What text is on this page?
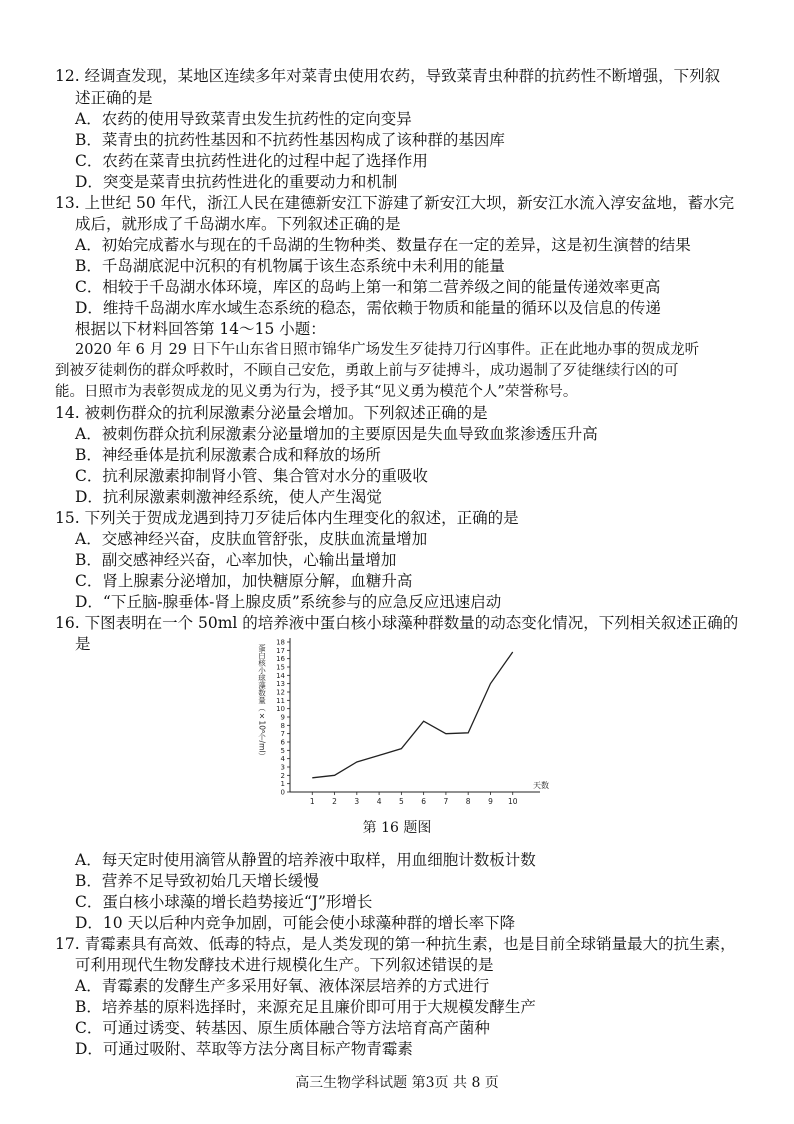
12. 经调查发现，某地区连续多年对菜青虫使用农药，导致菜青虫种群的抗药性不断增强，下列叙
述正确的是
A．农药的使用导致菜青虫发生抗药性的定向变异
B．菜青虫的抗药性基因和不抗药性基因构成了该种群的基因库
C．农药在菜青虫抗药性进化的过程中起了选择作用
D．突变是菜青虫抗药性进化的重要动力和机制
13. 上世纪 50 年代，浙江人民在建德新安江下游建了新安江大坝，新安江水流入淳安盆地，蓄水完
成后，就形成了千岛湖水库。下列叙述正确的是
A．初始完成蓄水与现在的千岛湖的生物种类、数量存在一定的差异，这是初生演替的结果
B．千岛湖底泥中沉积的有机物属于该生态系统中未利用的能量
C．相较于千岛湖水体环境，库区的岛屿上第一和第二营养级之间的能量传递效率更高
D．维持千岛湖水库水域生态系统的稳态，需依赖于物质和能量的循环以及信息的传递
根据以下材料回答第 14～15 小题：
2020 年 6 月 29 日下午山东省日照市锦华广场发生歹徒持刀行凶事件。正在此地办事的贺成龙听
到被歹徒刺伤的群众呼救时，不顾自己安危，勇敢上前与歹徒搏斗，成功遏制了歹徒继续行凶的可
能。日照市为表彰贺成龙的见义勇为行为，授予其“见义勇为模范个人”荣誉称号。
14. 被刺伤群众的抗利尿激素分泌量会增加。下列叙述正确的是
A．被刺伤群众抗利尿激素分泌量增加的主要原因是失血导致血浆渗透压升高
B．神经垂体是抗利尿激素合成和释放的场所
C．抗利尿激素抑制肾小管、集合管对水分的重吸收
D．抗利尿激素刺激神经系统，使人产生渴觉
15. 下列关于贺成龙遇到持刀歹徒后体内生理变化的叙述，正确的是
A．交感神经兴奋，皮肤血管舒张，皮肤血流量增加
B．副交感神经兴奋，心率加快，心输出量增加
C．肾上腺素分泌增加，加快糖原分解，血糖升高
D．“下丘脑-腺垂体-肾上腺皮质”系统参与的应急反应迅速启动
16. 下图表明在一个 50ml 的培养液中蛋白核小球藻种群数量的动态变化情况，下列相关叙述正确的
是
0
1
2
3
4
5
6
7
8
9
10
11
12
13
14
15
16
17
18
1 2 3 4 5 6 7 8 9 10
天数
蛋白核小球藻数量（×10⁶个/ml）
第 16 题图
A．每天定时使用滴管从静置的培养液中取样，用血细胞计数板计数
B．营养不足导致初始几天增长缓慢
C．蛋白核小球藻的增长趋势接近“J”形增长
D．10 天以后种内竞争加剧，可能会使小球藻种群的增长率下降
17. 青霉素具有高效、低毒的特点，是人类发现的第一种抗生素，也是目前全球销量最大的抗生素，
可利用现代生物发酵技术进行规模化生产。下列叙述错误的是
A．青霉素的发酵生产多采用好氧、液体深层培养的方式进行
B．培养基的原料选择时，来源充足且廉价即可用于大规模发酵生产
C．可通过诱变、转基因、原生质体融合等方法培育高产菌种
D．可通过吸附、萃取等方法分离目标产物青霉素
高三生物学科试题 第3页 共 8 页
